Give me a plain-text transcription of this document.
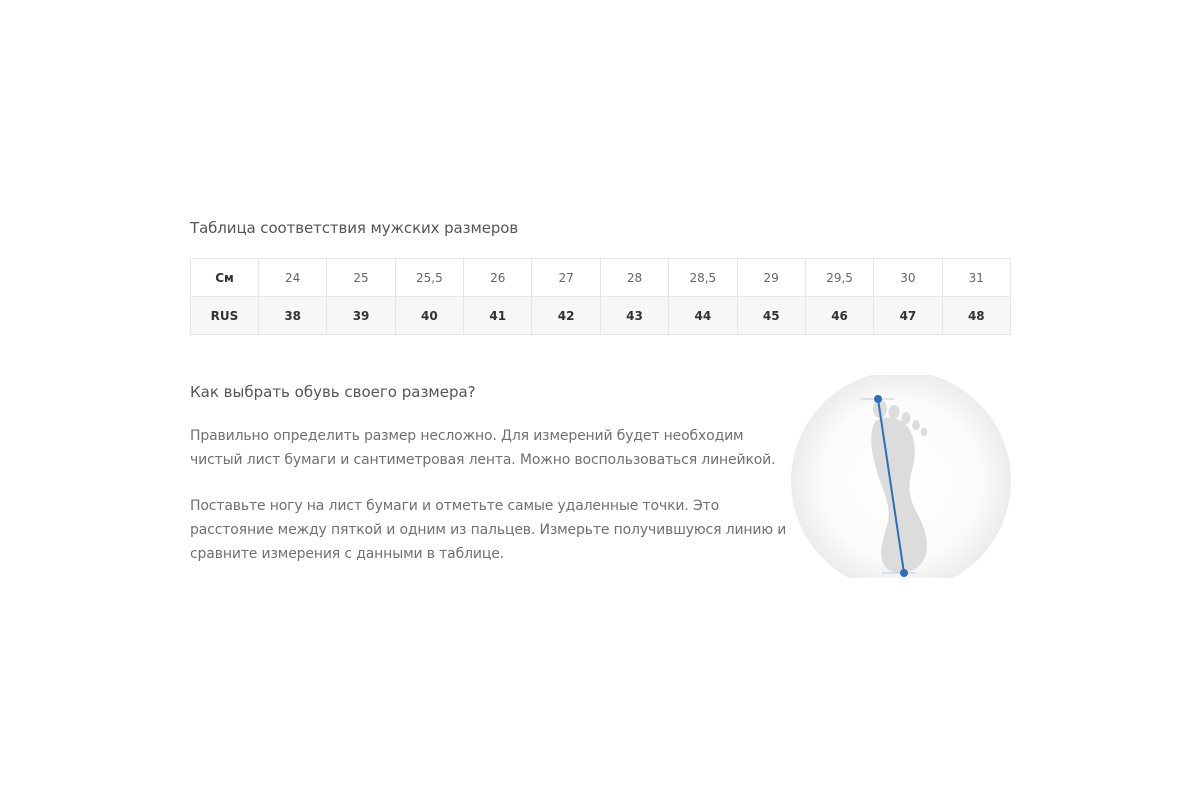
Таблица соответствия мужских размеров
См	24	25	25,5	26	27	28	28,5	29	29,5	30	31
RUS	38	39	40	41	42	43	44	45	46	47	48
Как выбрать обувь своего размера?

Правильно определить размер несложно. Для измерений будет необходим чистый лист бумаги и сантиметровая лента. Можно воспользоваться линейкой.

Поставьте ногу на лист бумаги и отметьте самые удаленные точки. Это расстояние между пяткой и одним из пальцев. Измерьте получившуюся линию и сравните измерения с данными в таблице.
